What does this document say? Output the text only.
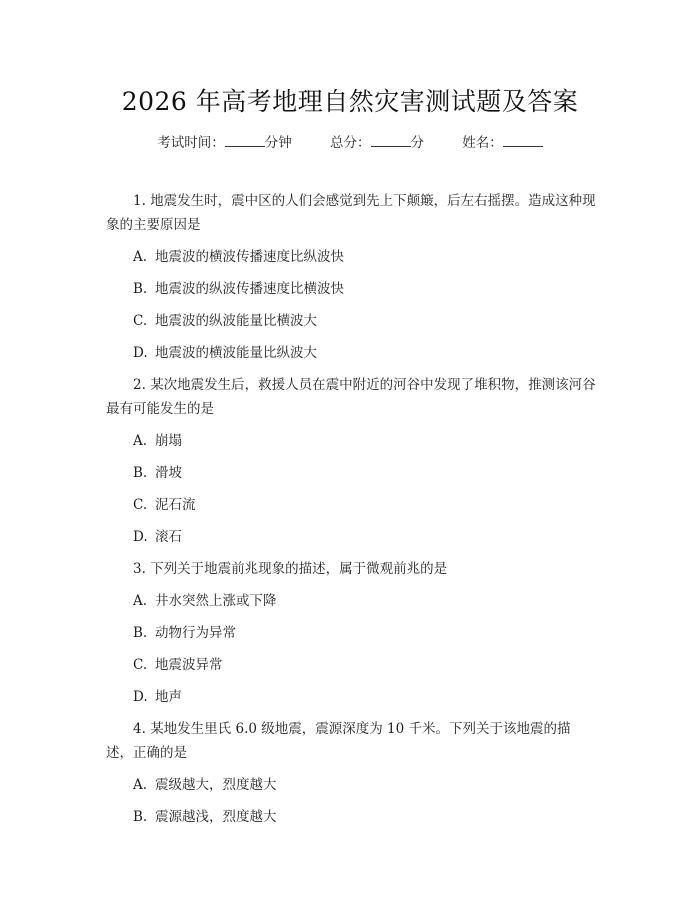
2026 年高考地理自然灾害测试题及答案
考试时间：	分钟	总分：	分	姓名：

1. 地震发生时，震中区的人们会感觉到先上下颠簸，后左右摇摆。造成这种现象的主要原因是

A. 地震波的横波传播速度比纵波快

B. 地震波的纵波传播速度比横波快

C. 地震波的纵波能量比横波大

D. 地震波的横波能量比纵波大

2. 某次地震发生后，救援人员在震中附近的河谷中发现了堆积物，推测该河谷最有可能发生的是

A. 崩塌

B. 滑坡

C. 泥石流

D. 滚石

3. 下列关于地震前兆现象的描述，属于微观前兆的是

A. 井水突然上涨或下降

B. 动物行为异常

C. 地震波异常

D. 地声

4. 某地发生里氏 6.0 级地震，震源深度为 10 千米。下列关于该地震的描述，正确的是

A. 震级越大，烈度越大

B. 震源越浅，烈度越大
